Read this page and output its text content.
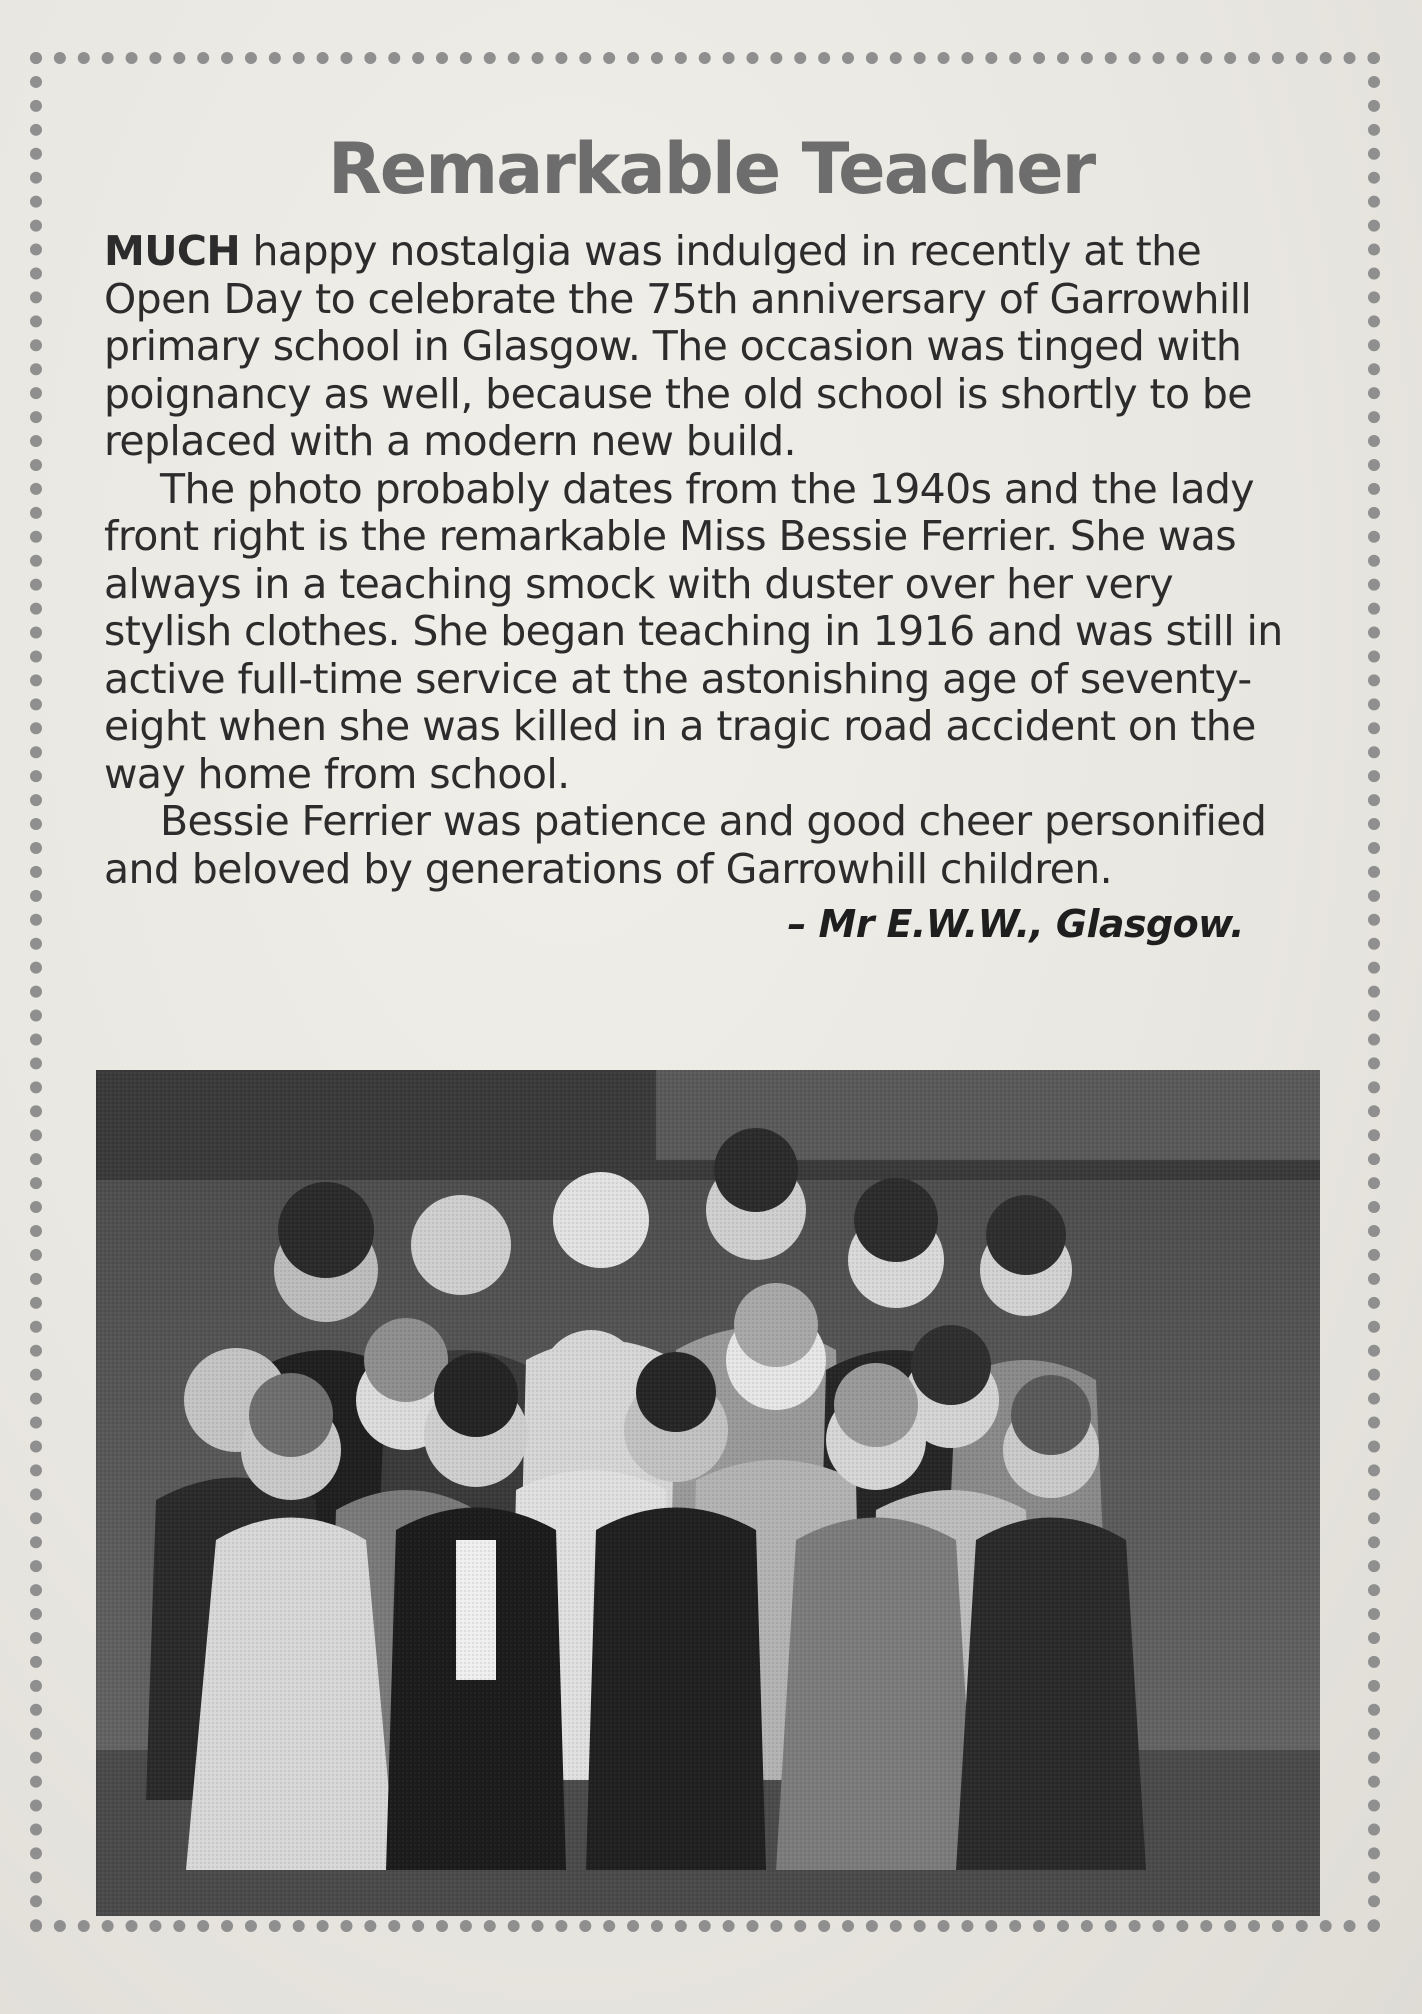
Remarkable Teacher

MUCH happy nostalgia was indulged in recently at the Open Day to celebrate the 75th anniversary of Garrowhill primary school in Glasgow. The occasion was tinged with poignancy as well, because the old school is shortly to be replaced with a modern new build.

The photo probably dates from the 1940s and the lady front right is the remarkable Miss Bessie Ferrier. She was always in a teaching smock with duster over her very stylish clothes. She began teaching in 1916 and was still in active full-time service at the astonishing age of seventy-eight when she was killed in a tragic road accident on the way home from school.

Bessie Ferrier was patience and good cheer personified and beloved by generations of Garrowhill children.

– Mr E.W.W., Glasgow.
